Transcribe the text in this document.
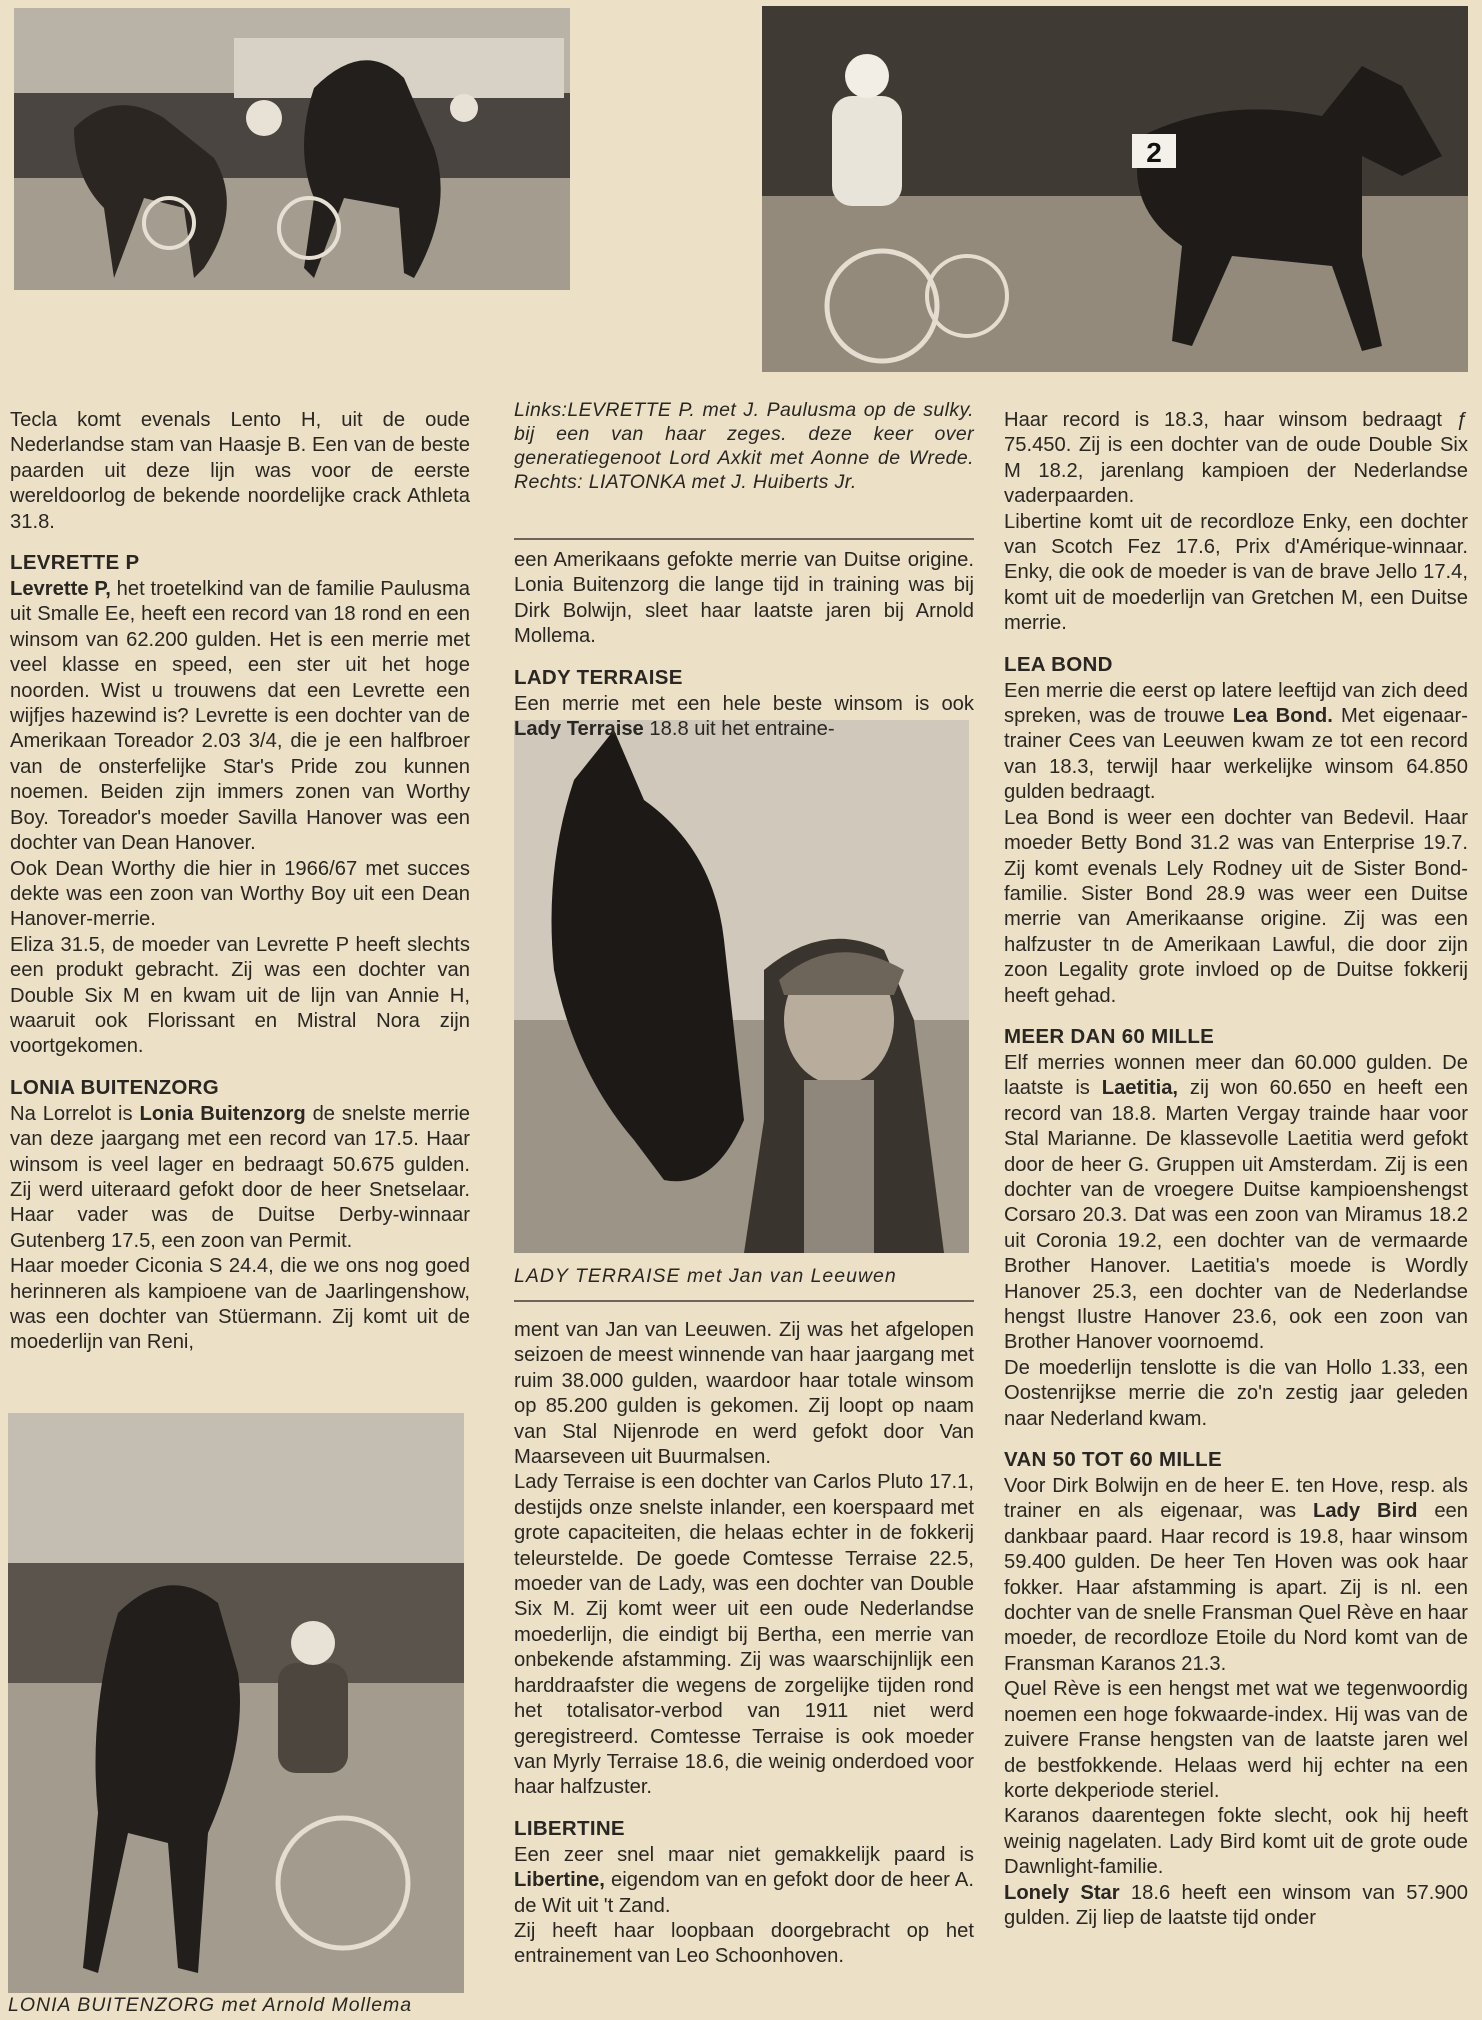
2
Links:LEVRETTE P. met J. Paulusma op de sulky. bij een van haar zeges. deze keer over generatiegenoot Lord Axkit met Aonne de Wrede. Rechts: LIATONKA met J. Huiberts Jr.
LADY TERRAISE met Jan van Leeuwen
LONIA BUITENZORG met Arnold Mollema

Tecla komt evenals Lento H, uit de oude Nederlandse stam van Haasje B. Een van de beste paarden uit deze lijn was voor de eerste wereldoorlog de bekende noordelijke crack Athleta 31.8.

LEVRETTE P

Levrette P, het troetelkind van de familie Paulusma uit Smalle Ee, heeft een record van 18 rond en een winsom van 62.200 gulden. Het is een merrie met veel klasse en speed, een ster uit het hoge noorden. Wist u trouwens dat een Levrette een wijfjes hazewind is? Levrette is een dochter van de Amerikaan Toreador 2.03 3/4, die je een halfbroer van de onsterfelijke Star's Pride zou kunnen noemen. Beiden zijn immers zonen van Worthy Boy. Toreador's moeder Savilla Hanover was een dochter van Dean Hanover.

Ook Dean Worthy die hier in 1966/67 met succes dekte was een zoon van Worthy Boy uit een Dean Hanover-merrie.

Eliza 31.5, de moeder van Levrette P heeft slechts een produkt gebracht. Zij was een dochter van Double Six M en kwam uit de lijn van Annie H, waaruit ook Florissant en Mistral Nora zijn voortgekomen.

LONIA BUITENZORG

Na Lorrelot is Lonia Buitenzorg de snelste merrie van deze jaargang met een record van 17.5. Haar winsom is veel lager en bedraagt 50.675 gulden. Zij werd uiteraard gefokt door de heer Snetselaar. Haar vader was de Duitse Derby-winnaar Gutenberg 17.5, een zoon van Permit.

Haar moeder Ciconia S 24.4, die we ons nog goed herinneren als kampioene van de Jaarlingenshow, was een dochter van Stüermann. Zij komt uit de moederlijn van Reni,

een Amerikaans gefokte merrie van Duitse origine. Lonia Buitenzorg die lange tijd in training was bij Dirk Bolwijn, sleet haar laatste jaren bij Arnold Mollema.

LADY TERRAISE

Een merrie met een hele beste winsom is ook Lady Terraise 18.8 uit het entraine-

ment van Jan van Leeuwen. Zij was het afgelopen seizoen de meest winnende van haar jaargang met ruim 38.000 gulden, waardoor haar totale winsom op 85.200 gulden is gekomen. Zij loopt op naam van Stal Nijenrode en werd gefokt door Van Maarseveen uit Buurmalsen.

Lady Terraise is een dochter van Carlos Pluto 17.1, destijds onze snelste inlander, een koerspaard met grote capaciteiten, die helaas echter in de fokkerij teleurstelde. De goede Comtesse Terraise 22.5, moeder van de Lady, was een dochter van Double Six M. Zij komt weer uit een oude Nederlandse moederlijn, die eindigt bij Bertha, een merrie van onbekende afstamming. Zij was waarschijnlijk een harddraafster die wegens de zorgelijke tijden rond het totalisator-verbod van 1911 niet werd geregistreerd. Comtesse Terraise is ook moeder van Myrly Terraise 18.6, die weinig onderdoed voor haar halfzuster.

LIBERTINE

Een zeer snel maar niet gemakkelijk paard is Libertine, eigendom van en gefokt door de heer A. de Wit uit 't Zand.

Zij heeft haar loopbaan doorgebracht op het entrainement van Leo Schoonhoven.

Haar record is 18.3, haar winsom bedraagt ƒ 75.450. Zij is een dochter van de oude Double Six M 18.2, jarenlang kampioen der Nederlandse vaderpaarden.

Libertine komt uit de recordloze Enky, een dochter van Scotch Fez 17.6, Prix d'Amérique-winnaar. Enky, die ook de moeder is van de brave Jello 17.4, komt uit de moederlijn van Gretchen M, een Duitse merrie.

LEA BOND

Een merrie die eerst op latere leeftijd van zich deed spreken, was de trouwe Lea Bond. Met eigenaar-trainer Cees van Leeuwen kwam ze tot een record van 18.3, terwijl haar werkelijke winsom 64.850 gulden bedraagt.

Lea Bond is weer een dochter van Bedevil. Haar moeder Betty Bond 31.2 was van Enterprise 19.7. Zij komt evenals Lely Rodney uit de Sister Bond-familie. Sister Bond 28.9 was weer een Duitse merrie van Amerikaanse origine. Zij was een halfzuster tn de Amerikaan Lawful, die door zijn zoon Legality grote invloed op de Duitse fokkerij heeft gehad.

MEER DAN 60 MILLE

Elf merries wonnen meer dan 60.000 gulden. De laatste is Laetitia, zij won 60.650 en heeft een record van 18.8. Marten Vergay trainde haar voor Stal Marianne. De klassevolle Laetitia werd gefokt door de heer G. Gruppen uit Amsterdam. Zij is een dochter van de vroegere Duitse kampioenshengst Corsaro 20.3. Dat was een zoon van Miramus 18.2 uit Coronia 19.2, een dochter van de vermaarde Brother Hanover. Laetitia's moede is Wordly Hanover 25.3, een dochter van de Nederlandse hengst Ilustre Hanover 23.6, ook een zoon van Brother Hanover voornoemd.

De moederlijn tenslotte is die van Hollo 1.33, een Oostenrijkse merrie die zo'n zestig jaar geleden naar Nederland kwam.

VAN 50 TOT 60 MILLE

Voor Dirk Bolwijn en de heer E. ten Hove, resp. als trainer en als eigenaar, was Lady Bird een dankbaar paard. Haar record is 19.8, haar winsom 59.400 gulden. De heer Ten Hoven was ook haar fokker. Haar afstamming is apart. Zij is nl. een dochter van de snelle Fransman Quel Rève en haar moeder, de recordloze Etoile du Nord komt van de Fransman Karanos 21.3.

Quel Rève is een hengst met wat we tegenwoordig noemen een hoge fokwaarde-index. Hij was van de zuivere Franse hengsten van de laatste jaren wel de bestfokkende. Helaas werd hij echter na een korte dekperiode steriel.

Karanos daarentegen fokte slecht, ook hij heeft weinig nagelaten. Lady Bird komt uit de grote oude Dawnlight-familie.

Lonely Star 18.6 heeft een winsom van 57.900 gulden. Zij liep de laatste tijd onder
